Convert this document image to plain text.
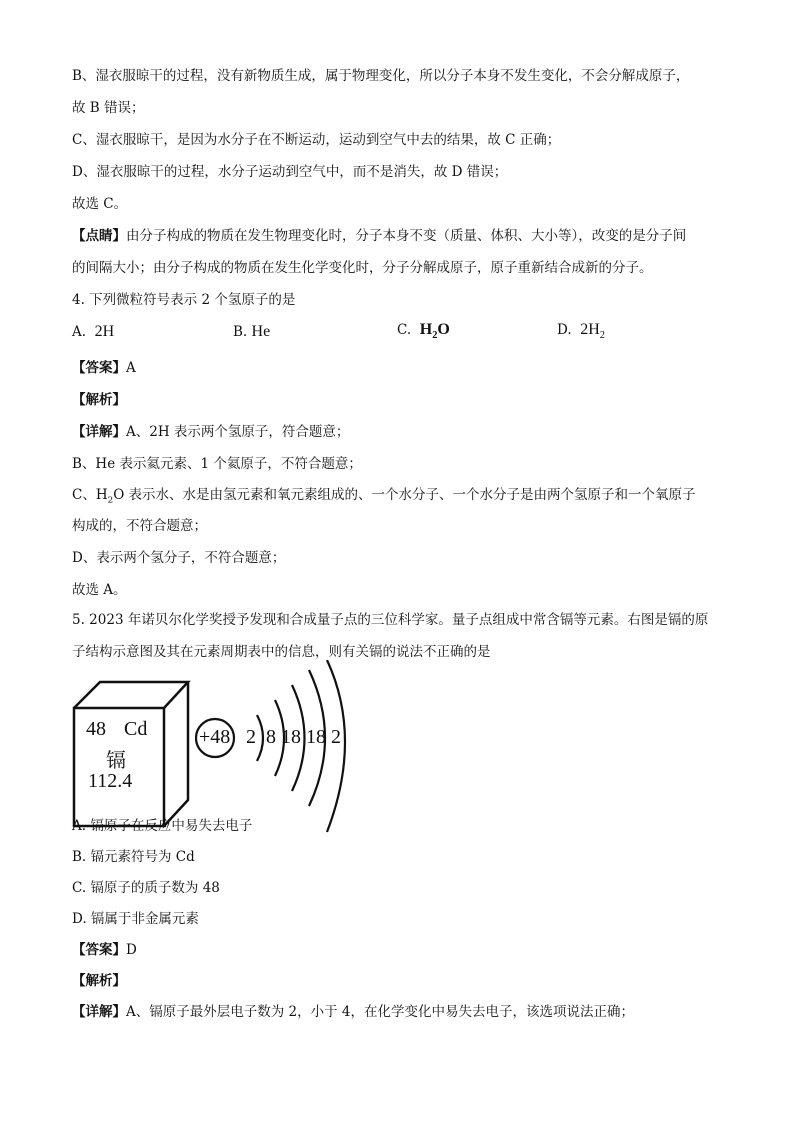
B、湿衣服晾干的过程，没有新物质生成，属于物理变化，所以分子本身不发生变化，不会分解成原子，
故 B 错误；
C、湿衣服晾干，是因为水分子在不断运动，运动到空气中去的结果，故 C 正确；
D、湿衣服晾干的过程，水分子运动到空气中，而不是消失，故 D 错误；
故选 C。
【点睛】由分子构成的物质在发生物理变化时，分子本身不变（质量、体积、大小等），改变的是分子间
的间隔大小；由分子构成的物质在发生化学变化时，分子分解成原子，原子重新结合成新的分子。
4. 下列微粒符号表示 2 个氢原子的是
A. 2H	B. He	C. $H_2O$	D. $2H_2$
【答案】A
【解析】
【详解】A、2H 表示两个氢原子，符合题意；
B、He 表示氦元素、1 个氦原子，不符合题意；
C、$H_2O$ 表示水、水是由氢元素和氧元素组成的、一个水分子、一个水分子是由两个氢原子和一个氧原子
构成的，不符合题意；
D、表示两个氢分子，不符合题意；
故选 A。
5. 2023 年诺贝尔化学奖授予发现和合成量子点的三位科学家。量子点组成中常含镉等元素。右图是镉的原
子结构示意图及其在元素周期表中的信息，则有关镉的说法不正确的是
48 Cd
镉
112.4
+48 2  8 18 18 2
A. 镉原子在反应中易失去电子
B. 镉元素符号为 Cd
C. 镉原子的质子数为 48
D. 镉属于非金属元素
【答案】D
【解析】
【详解】A、镉原子最外层电子数为 2，小于 4，在化学变化中易失去电子，该选项说法正确；
